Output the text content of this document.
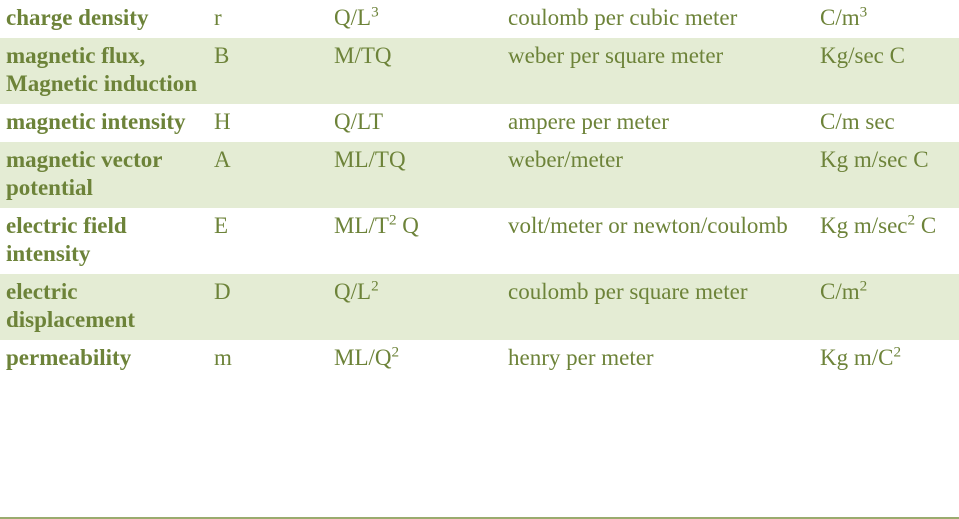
charge density	r	$Q/L^3$	coulomb per cubic meter	$C/m^3$
magnetic flux, Magnetic induction	B	M/TQ	weber per square meter	Kg/sec C
magnetic intensity	H	Q/LT	ampere per meter	C/m sec
magnetic vector potential	A	ML/TQ	weber/meter	Kg m/sec C
electric field intensity	E	$ML/T^2$ Q	volt/meter or newton/coulomb	Kg $m/\sec^2$ C
electric displacement	D	$Q/L^2$	coulomb per square meter	$C/m^2$
permeability	m	$ML/Q^2$	henry per meter	Kg $m/C^2$
